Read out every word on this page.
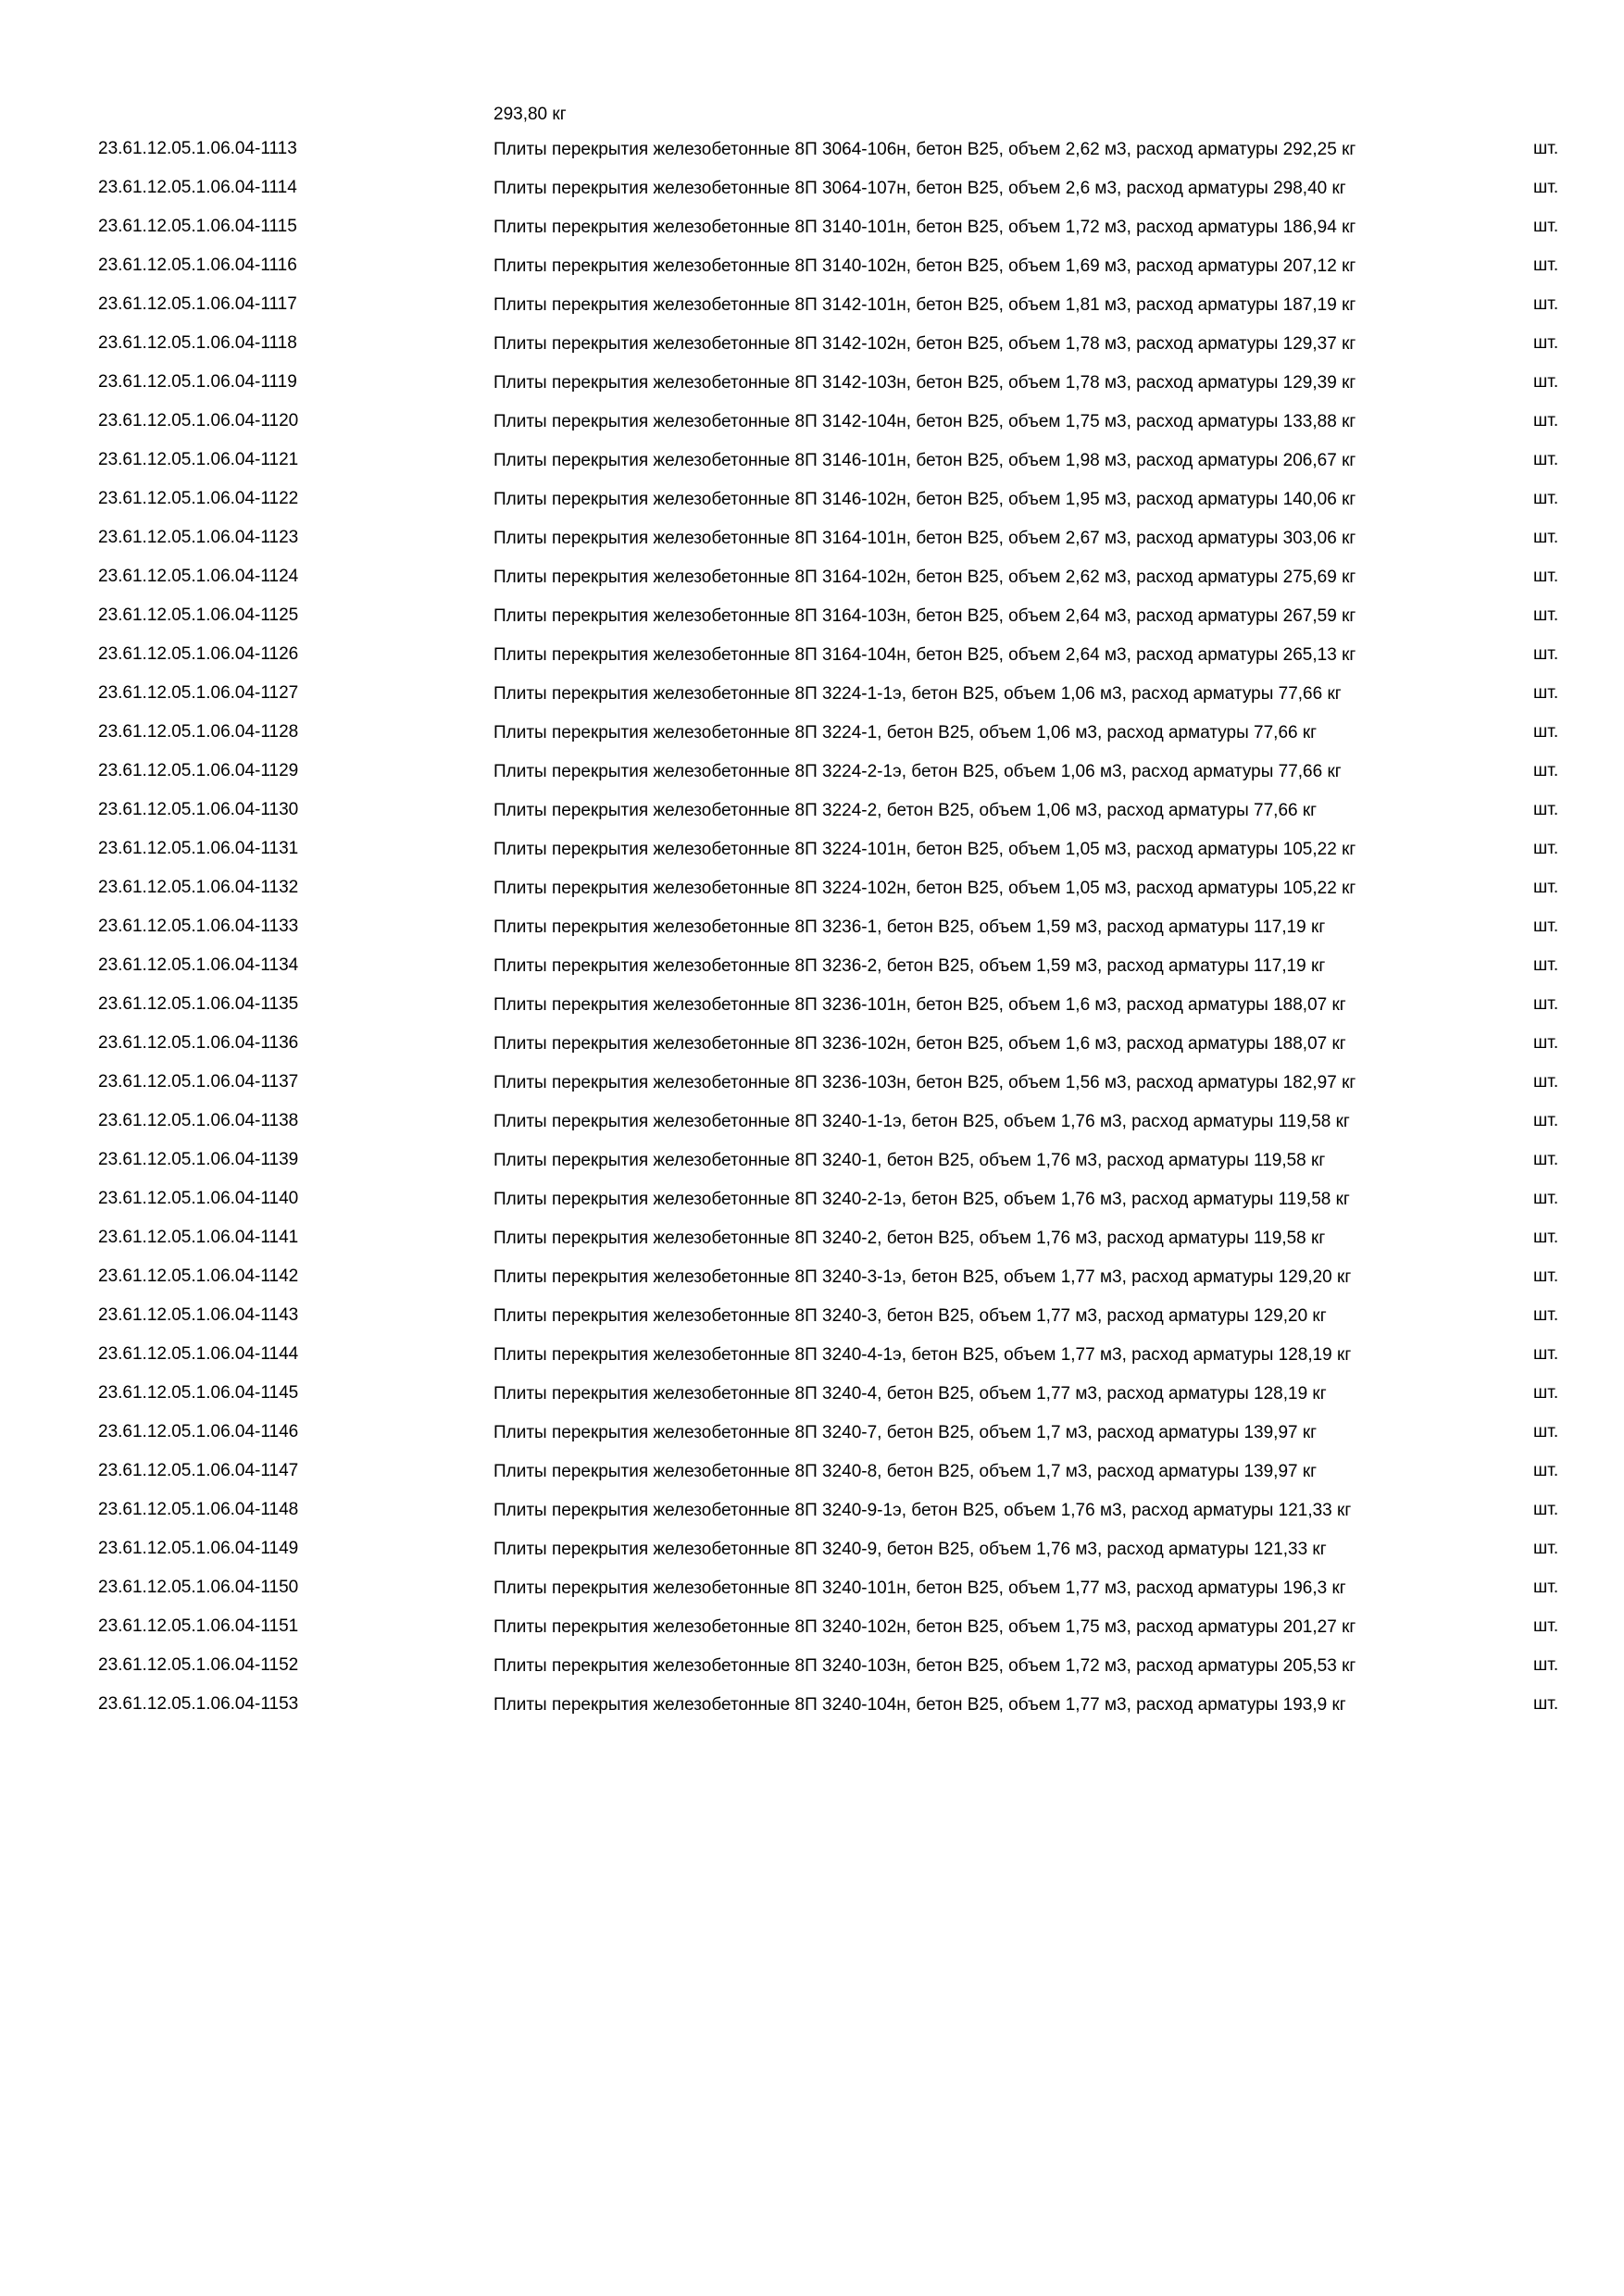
293,80 кг
23.61.12.05.1.06.04-1113	Плиты перекрытия железобетонные 8П 3064-106н, бетон В25, объем 2,62 м3, расход арматуры 292,25 кг	шт.
23.61.12.05.1.06.04-1114	Плиты перекрытия железобетонные 8П 3064-107н, бетон В25, объем 2,6 м3, расход арматуры 298,40 кг	шт.
23.61.12.05.1.06.04-1115	Плиты перекрытия железобетонные 8П 3140-101н, бетон В25, объем 1,72 м3, расход арматуры 186,94 кг	шт.
23.61.12.05.1.06.04-1116	Плиты перекрытия железобетонные 8П 3140-102н, бетон В25, объем 1,69 м3, расход арматуры 207,12 кг	шт.
23.61.12.05.1.06.04-1117	Плиты перекрытия железобетонные 8П 3142-101н, бетон В25, объем 1,81 м3, расход арматуры 187,19 кг	шт.
23.61.12.05.1.06.04-1118	Плиты перекрытия железобетонные 8П 3142-102н, бетон В25, объем 1,78 м3, расход арматуры 129,37 кг	шт.
23.61.12.05.1.06.04-1119	Плиты перекрытия железобетонные 8П 3142-103н, бетон В25, объем 1,78 м3, расход арматуры 129,39 кг	шт.
23.61.12.05.1.06.04-1120	Плиты перекрытия железобетонные 8П 3142-104н, бетон В25, объем 1,75 м3, расход арматуры 133,88 кг	шт.
23.61.12.05.1.06.04-1121	Плиты перекрытия железобетонные 8П 3146-101н, бетон В25, объем 1,98 м3, расход арматуры 206,67 кг	шт.
23.61.12.05.1.06.04-1122	Плиты перекрытия железобетонные 8П 3146-102н, бетон В25, объем 1,95 м3, расход арматуры 140,06 кг	шт.
23.61.12.05.1.06.04-1123	Плиты перекрытия железобетонные 8П 3164-101н, бетон В25, объем 2,67 м3, расход арматуры 303,06 кг	шт.
23.61.12.05.1.06.04-1124	Плиты перекрытия железобетонные 8П 3164-102н, бетон В25, объем 2,62 м3, расход арматуры 275,69 кг	шт.
23.61.12.05.1.06.04-1125	Плиты перекрытия железобетонные 8П 3164-103н, бетон В25, объем 2,64 м3, расход арматуры 267,59 кг	шт.
23.61.12.05.1.06.04-1126	Плиты перекрытия железобетонные 8П 3164-104н, бетон В25, объем 2,64 м3, расход арматуры 265,13 кг	шт.
23.61.12.05.1.06.04-1127	Плиты перекрытия железобетонные 8П 3224-1-1э, бетон В25, объем 1,06 м3, расход арматуры 77,66 кг	шт.
23.61.12.05.1.06.04-1128	Плиты перекрытия железобетонные 8П 3224-1, бетон В25, объем 1,06 м3, расход арматуры 77,66 кг	шт.
23.61.12.05.1.06.04-1129	Плиты перекрытия железобетонные 8П 3224-2-1э, бетон В25, объем 1,06 м3, расход арматуры 77,66 кг	шт.
23.61.12.05.1.06.04-1130	Плиты перекрытия железобетонные 8П 3224-2, бетон В25, объем 1,06 м3, расход арматуры 77,66 кг	шт.
23.61.12.05.1.06.04-1131	Плиты перекрытия железобетонные 8П 3224-101н, бетон В25, объем 1,05 м3, расход арматуры 105,22 кг	шт.
23.61.12.05.1.06.04-1132	Плиты перекрытия железобетонные 8П 3224-102н, бетон В25, объем 1,05 м3, расход арматуры 105,22 кг	шт.
23.61.12.05.1.06.04-1133	Плиты перекрытия железобетонные 8П 3236-1, бетон В25, объем 1,59 м3, расход арматуры 117,19 кг	шт.
23.61.12.05.1.06.04-1134	Плиты перекрытия железобетонные 8П 3236-2, бетон В25, объем 1,59 м3, расход арматуры 117,19 кг	шт.
23.61.12.05.1.06.04-1135	Плиты перекрытия железобетонные 8П 3236-101н, бетон В25, объем 1,6 м3, расход арматуры 188,07 кг	шт.
23.61.12.05.1.06.04-1136	Плиты перекрытия железобетонные 8П 3236-102н, бетон В25, объем 1,6 м3, расход арматуры 188,07 кг	шт.
23.61.12.05.1.06.04-1137	Плиты перекрытия железобетонные 8П 3236-103н, бетон В25, объем 1,56 м3, расход арматуры 182,97 кг	шт.
23.61.12.05.1.06.04-1138	Плиты перекрытия железобетонные 8П 3240-1-1э, бетон В25, объем 1,76 м3, расход арматуры 119,58 кг	шт.
23.61.12.05.1.06.04-1139	Плиты перекрытия железобетонные 8П 3240-1, бетон В25, объем 1,76 м3, расход арматуры 119,58 кг	шт.
23.61.12.05.1.06.04-1140	Плиты перекрытия железобетонные 8П 3240-2-1э, бетон В25, объем 1,76 м3, расход арматуры 119,58 кг	шт.
23.61.12.05.1.06.04-1141	Плиты перекрытия железобетонные 8П 3240-2, бетон В25, объем 1,76 м3, расход арматуры 119,58 кг	шт.
23.61.12.05.1.06.04-1142	Плиты перекрытия железобетонные 8П 3240-3-1э, бетон В25, объем 1,77 м3, расход арматуры 129,20 кг	шт.
23.61.12.05.1.06.04-1143	Плиты перекрытия железобетонные 8П 3240-3, бетон В25, объем 1,77 м3, расход арматуры 129,20 кг	шт.
23.61.12.05.1.06.04-1144	Плиты перекрытия железобетонные 8П 3240-4-1э, бетон В25, объем 1,77 м3, расход арматуры 128,19 кг	шт.
23.61.12.05.1.06.04-1145	Плиты перекрытия железобетонные 8П 3240-4, бетон В25, объем 1,77 м3, расход арматуры 128,19 кг	шт.
23.61.12.05.1.06.04-1146	Плиты перекрытия железобетонные 8П 3240-7, бетон В25, объем 1,7 м3, расход арматуры 139,97 кг	шт.
23.61.12.05.1.06.04-1147	Плиты перекрытия железобетонные 8П 3240-8, бетон В25, объем 1,7 м3, расход арматуры 139,97 кг	шт.
23.61.12.05.1.06.04-1148	Плиты перекрытия железобетонные 8П 3240-9-1э, бетон В25, объем 1,76 м3, расход арматуры 121,33 кг	шт.
23.61.12.05.1.06.04-1149	Плиты перекрытия железобетонные 8П 3240-9, бетон В25, объем 1,76 м3, расход арматуры 121,33 кг	шт.
23.61.12.05.1.06.04-1150	Плиты перекрытия железобетонные 8П 3240-101н, бетон В25, объем 1,77 м3, расход арматуры 196,3 кг	шт.
23.61.12.05.1.06.04-1151	Плиты перекрытия железобетонные 8П 3240-102н, бетон В25, объем 1,75 м3, расход арматуры 201,27 кг	шт.
23.61.12.05.1.06.04-1152	Плиты перекрытия железобетонные 8П 3240-103н, бетон В25, объем 1,72 м3, расход арматуры 205,53 кг	шт.
23.61.12.05.1.06.04-1153	Плиты перекрытия железобетонные 8П 3240-104н, бетон В25, объем 1,77 м3, расход арматуры 193,9 кг	шт.
